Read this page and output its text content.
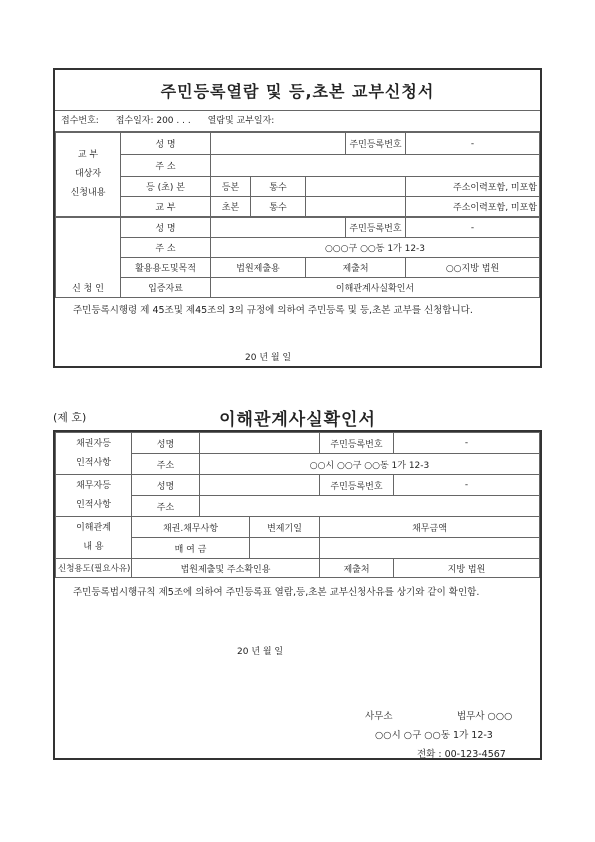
주민등록열람 및 등,초본 교부신청서
접수번호: 접수일자: 200 . . . 열람및 교부일자:
교 부
대상자
신청내용	성 명				주민등록번호	-
	주 소					
	등 (초) 본	등본	통수			주소이력포함, 미포함
	교 부	초본	통수			주소이력포함, 미포함
신 청 인	성 명			주민등록번호	-
	주 소	○○○구 ○○동 1가 12-3			
	활용용도및목적	법원제출용	제출처		○○지방 법원
	입증자료	이해관계사실확인서			
주민등록시행령 제 45조및 제45조의 3의 규정에 의하여 주민등록 및 등,초본 교부를 신청합니다.
20 년 월 일
(제 호)	이해관계사실확인서
채권자등
인적사항	성명			주민등록번호	-
	주소	○○시 ○○구 ○○동 1가 12-3			

채무자등
인적사항	성명			주민등록번호	-
	주소				

이해관계
내 용	채권.채무사항		변제기일	채무금액	
	매 여 금				
신청용도(필요사유)	법원제출및 주소확인용			제출처	지방 법원
주민등록법시행규칙 제5조에 의하여 주민등록표 열람,등,초본 교부신청사유를 상기와 같이 확인함.
20 년 월 일
사무소	법무사 ○○○
○○시 ○구 ○○동 1가 12-3
전화 : 00-123-4567
